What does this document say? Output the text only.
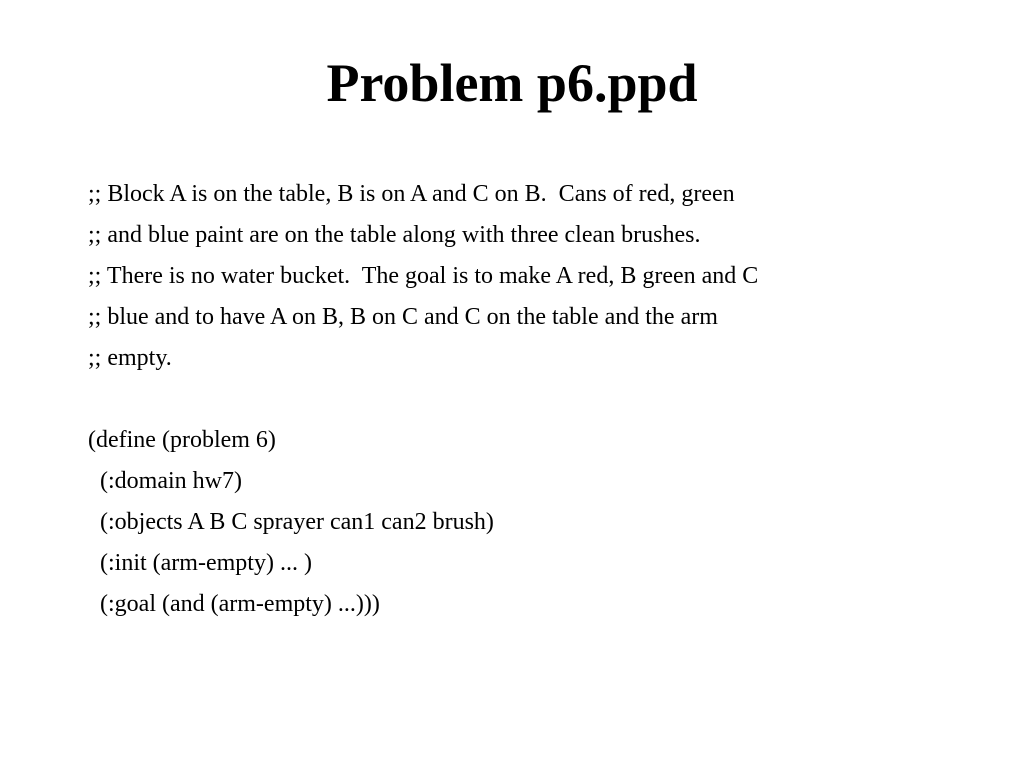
Problem p6.ppd
;; Block A is on the table, B is on A and C on B.  Cans of red, green
;; and blue paint are on the table along with three clean brushes.
;; There is no water bucket.  The goal is to make A red, B green and C
;; blue and to have A on B, B on C and C on the table and the arm
;; empty.
(define (problem 6)
(:domain hw7)
(:objects A B C sprayer can1 can2 brush)
(:init (arm-empty) ... )
(:goal (and (arm-empty) ...)))
